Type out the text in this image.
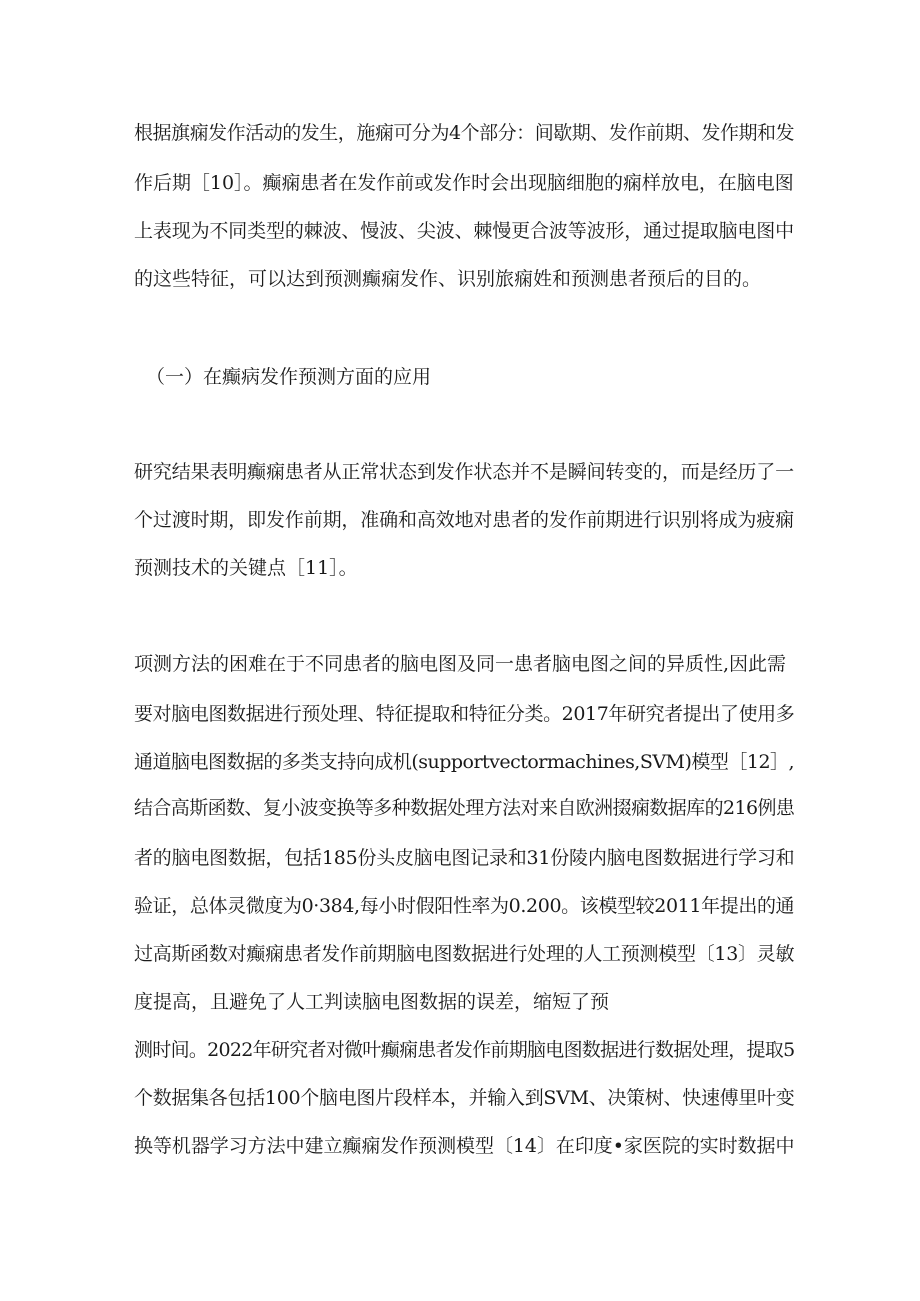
根据旗痫发作活动的发生，施痫可分为4个部分：间歇期、发作前期、发作期和发
作后期［10］。癫痫患者在发作前或发作时会出现脑细胞的痫样放电，在脑电图
上表现为不同类型的棘波、慢波、尖波、棘慢更合波等波形，通过提取脑电图中
的这些特征，可以达到预测癫痫发作、识别旅痫姓和预测患者预后的目的。
（一）在癫病发作预测方面的应用
研究结果表明癫痫患者从正常状态到发作状态并不是瞬间转变的，而是经历了一
个过渡时期，即发作前期，准确和高效地对患者的发作前期进行识别将成为疲痫
预测技术的关键点［11］。
项测方法的困难在于不同患者的脑电图及同一患者脑电图之间的异质性,因此需
要对脑电图数据进行预处理、特征提取和特征分类。2017年研究者提出了使用多
通道脑电图数据的多类支持向成机(supportvectormachines,SVM)模型［12］,
结合高斯函数、复小波变换等多种数据处理方法对来自欧洲掇痫数据库的216例患
者的脑电图数据，包括185份头皮脑电图记录和31份陵内脑电图数据进行学习和
验证，总体灵微度为0·384,每小时假阳性率为0.200。该模型较2011年提出的通
过高斯函数对癫痫患者发作前期脑电图数据进行处理的人工预测模型〔13〕灵敏
度提高，且避免了人工判读脑电图数据的误差，缩短了预
测时间。2022年研究者对微叶癫痫患者发作前期脑电图数据进行数据处理，提取5
个数据集各包括100个脑电图片段样本，并输入到SVM、决策树、快速傅里叶变
换等机器学习方法中建立癫痫发作预测模型〔14〕在印度•家医院的实时数据中
